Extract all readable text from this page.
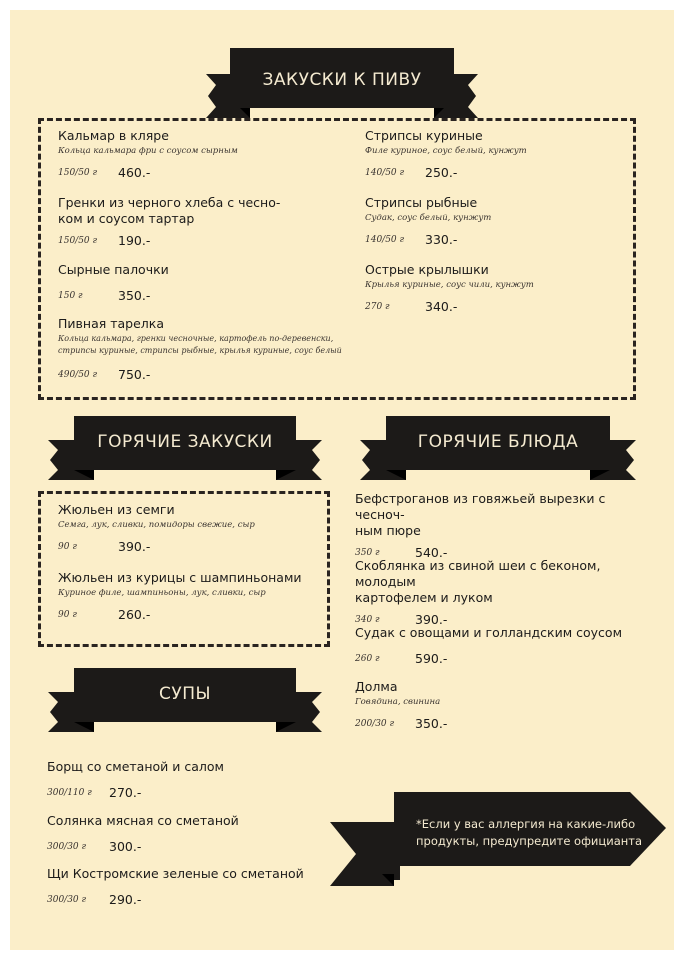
ЗАКУСКИ К ПИВУ
Кальмар в кляре
Кольца кальмара фри с соусом сырным
150/50 г 460.-
Гренки из черного хлеба с чесно-
ком и соусом тартар
150/50 г 190.-
Сырные палочки
150 г	350.-
Пивная тарелка
Кольца кальмара, гренки чесночные, картофель по-деревенски,
стрипсы куриные, стрипсы рыбные, крылья куриные, соус белый
490/50 г 750.-
Стрипсы куриные
Филе куриное, соус белый, кунжут
140/50 г 250.-
Стрипсы рыбные
Судак, соус белый, кунжут
140/50 г 330.-
Острые крылышки
Крылья куриные, соус чили, кунжут
270 г	340.-
ГОРЯЧИЕ ЗАКУСКИ
Жюльен из семги
Семга, лук, сливки, помидоры свежие, сыр
90 г	390.-
Жюльен из курицы с шампиньонами
Куриное филе, шампиньоны, лук, сливки, сыр
90 г	260.-
ГОРЯЧИЕ БЛЮДА
Бефстроганов из говяжьей вырезки с чесноч-
ным пюре
350 г	540.-
Скоблянка из свиной шеи с беконом, молодым
картофелем и луком
340 г	390.-
Судак с овощами и голландским соусом
260 г	590.-
Долма
Говядина, свинина
200/30 г 350.-
СУПЫ
Борщ со сметаной и салом
300/110 г 270.-
Солянка мясная со сметаной
300/30 г 300.-
Щи Костромские зеленые со сметаной
300/30 г 290.-
*Если у вас аллергия на какие-либо продукты, предупредите официанта
